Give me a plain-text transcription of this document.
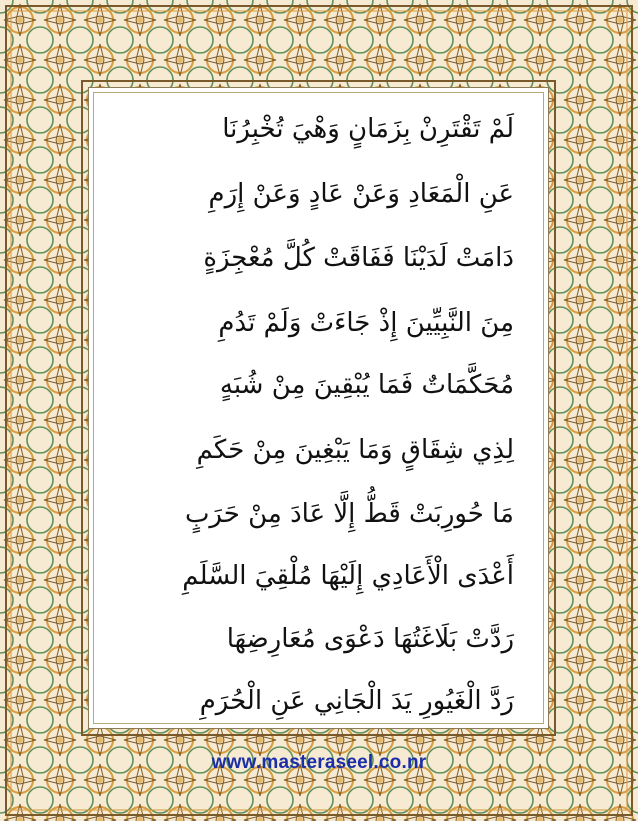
لَمْ تَقْتَرِنْ بِزَمَانٍ وَهْيَ تُخْبِرُنَا
عَنِ الْمَعَادِ وَعَنْ عَادٍ وَعَنْ إِرَمِ
دَامَتْ لَدَيْنَا فَفَاقَتْ كُلَّ مُعْجِزَةٍ
مِنَ النَّبِيِّينَ إِذْ جَاءَتْ وَلَمْ تَدُمِ
مُحَكَّمَاتٌ فَمَا يُبْقِينَ مِنْ شُبَهٍ
لِذِي شِقَاقٍ وَمَا يَبْغِينَ مِنْ حَكَمِ
مَا حُورِبَتْ قَطُّ إِلَّا عَادَ مِنْ حَرَبٍ
أَعْدَى الْأَعَادِي إِلَيْهَا مُلْقِيَ السَّلَمِ
رَدَّتْ بَلَاغَتُهَا دَعْوَى مُعَارِضِهَا
رَدَّ الْغَيُورِ يَدَ الْجَانِي عَنِ الْحُرَمِ
www.masteraseel.co.nr
